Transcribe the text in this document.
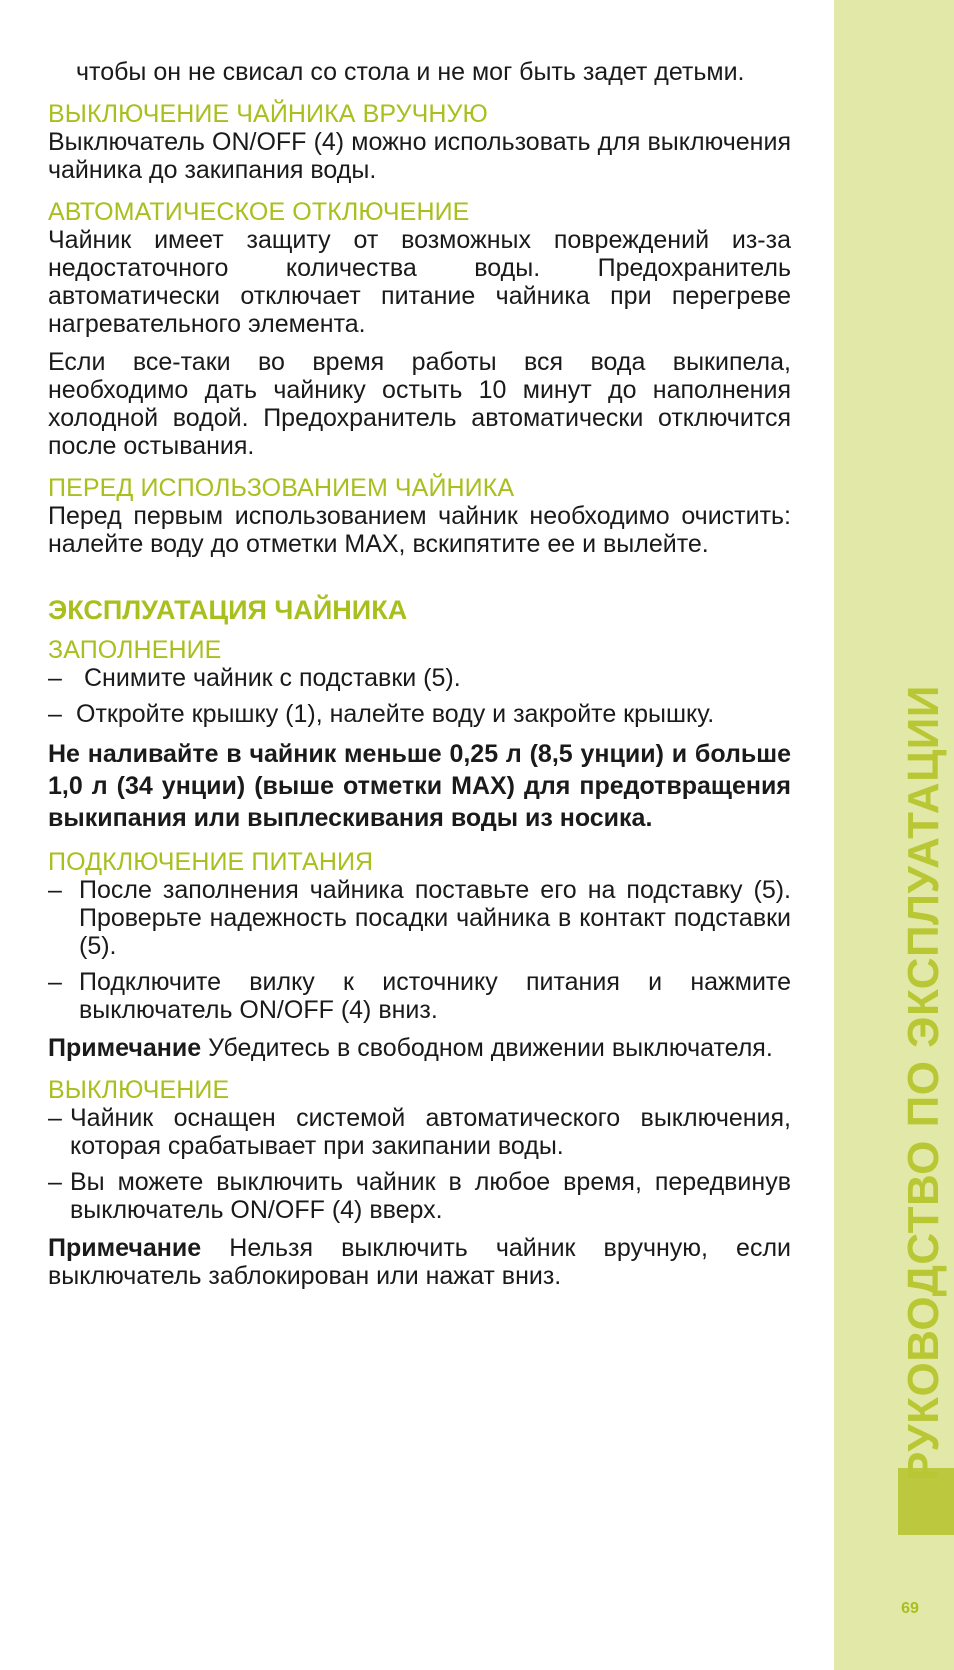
РУКОВОДСТВО ПО ЭКСПЛУАТАЦИИ
69

чтобы он не свисал со стола и не мог быть задет детьми.

ВЫКЛЮЧЕНИЕ ЧАЙНИКА ВРУЧНУЮ

Выключатель ON/OFF (4) можно использовать для выключения чайника до закипания воды.

АВТОМАТИЧЕСКОЕ ОТКЛЮЧЕНИЕ

Чайник имеет защиту от возможных повреждений из-за недостаточного количества воды. Предохранитель автоматически отключает питание чайника при перегреве нагревательного элемента.

Если все-таки во время работы вся вода выкипела, необходимо дать чайнику остыть 10 минут до наполнения холодной водой. Предохранитель автоматически отключится после остывания.

ПЕРЕД ИСПОЛЬЗОВАНИЕМ ЧАЙНИКА

Перед первым использованием чайник необходимо очистить: налейте воду до отметки MAX, вскипятите ее и вылейте.

ЭКСПЛУАТАЦИЯ ЧАЙНИКА
ЗАПОЛНЕНИЕ
– Снимите чайник с подставки (5).
– Откройте крышку (1), налейте воду и закройте крышку.

Не наливайте в чайник меньше 0,25 л (8,5 унции) и больше 1,0 л (34 унции) (выше отметки MAX) для предотвращения выкипания или выплескивания воды из носика.

ПОДКЛЮЧЕНИЕ ПИТАНИЯ
– После заполнения чайника поставьте его на подставку (5). Проверьте надежность посадки чайника в контакт подставки (5).
– Подключите вилку к источнику питания и нажмите выключатель ON/OFF (4) вниз.

Примечание Убедитесь в свободном движении выключателя.

ВЫКЛЮЧЕНИЕ
– Чайник оснащен системой автоматического выключения, которая срабатывает при закипании воды.
– Вы можете выключить чайник в любое время, передвинув выключатель ON/OFF (4) вверх.

Примечание Нельзя выключить чайник вручную, если выключатель заблокирован или нажат вниз.
